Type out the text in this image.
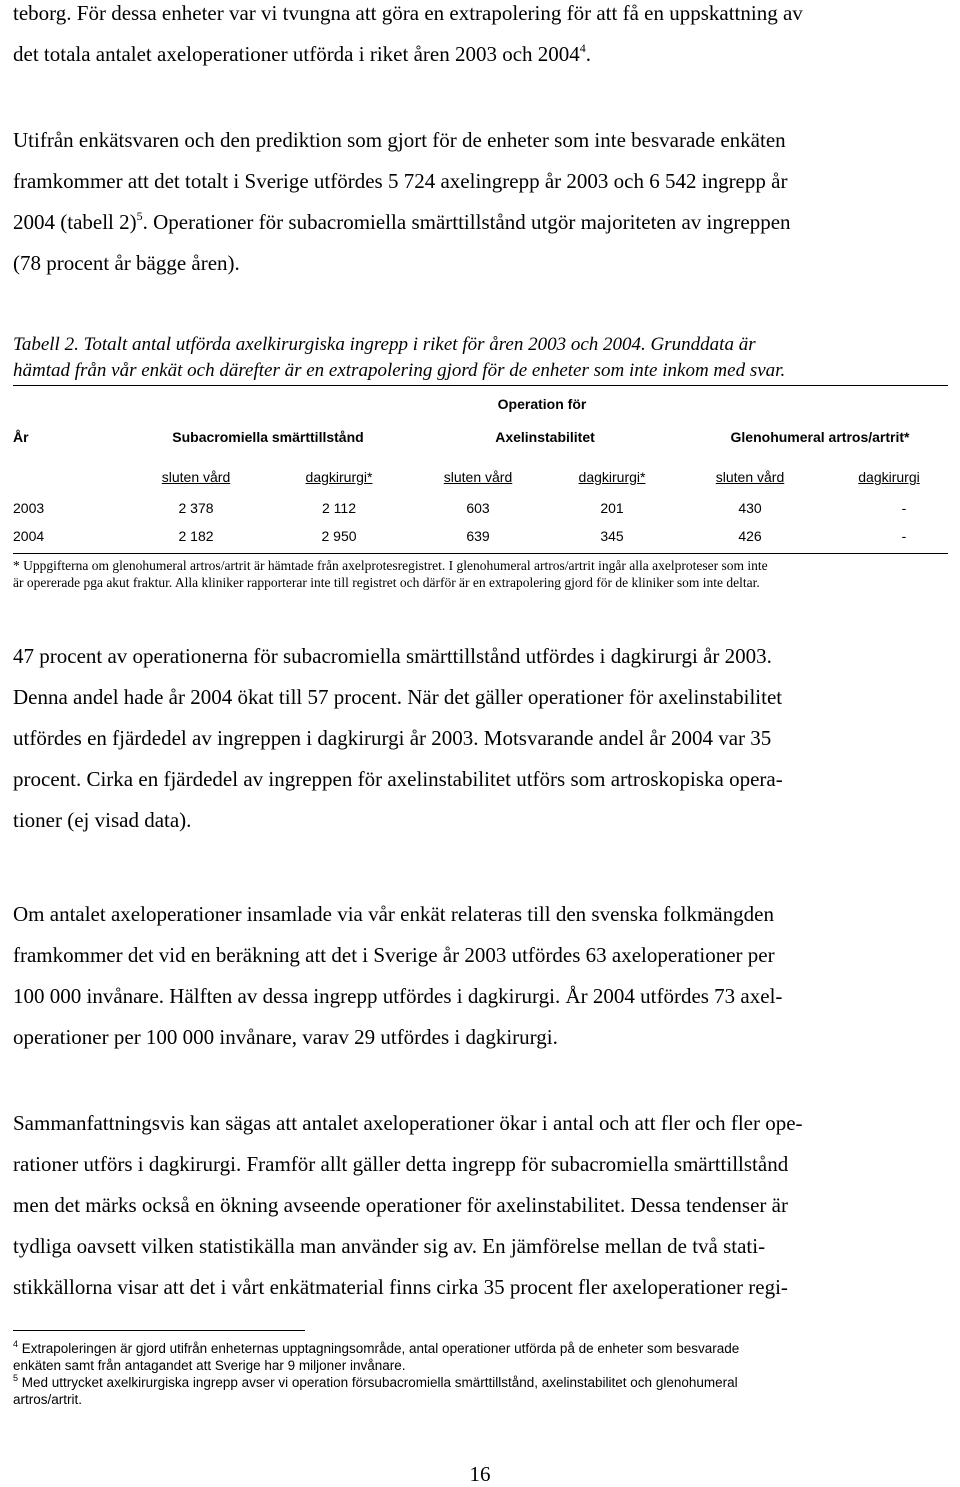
teborg. För dessa enheter var vi tvungna att göra en extrapolering för att få en uppskattning av

det totala antalet axeloperationer utförda i riket åren 2003 och 2004$^4$.

Utifrån enkätsvaren och den prediktion som gjort för de enheter som inte besvarade enkäten

framkommer att det totalt i Sverige utfördes 5 724 axelingrepp år 2003 och 6 542 ingrepp år

2004 (tabell 2)$^5$. Operationer för subacromiella smärttillstånd utgör majoriteten av ingreppen

(78 procent år bägge åren).

Tabell 2. Totalt antal utförda axelkirurgiska ingrepp i riket för åren 2003 och 2004. Grunddata är

hämtad från vår enkät och därefter är en extrapolering gjord för de enheter som inte inkom med svar.

Operation för
År	Subacromiella smärttillstånd	Axelinstabilitet	Glenohumeral artros/artrit*
sluten vård	dagkirurgi*	sluten vård	dagkirurgi*	sluten vård	dagkirurgi
2003	2 378	2 112	603	201	430	-
2004	2 182	2 950	639	345	426	-

* Uppgifterna om glenohumeral artros/artrit är hämtade från axelprotesregistret. I glenohumeral artros/artrit ingår alla axelproteser som inte

är opererade pga akut fraktur. Alla kliniker rapporterar inte till registret och därför är en extrapolering gjord för de kliniker som inte deltar.

47 procent av operationerna för subacromiella smärttillstånd utfördes i dagkirurgi år 2003.

Denna andel hade år 2004 ökat till 57 procent. När det gäller operationer för axelinstabilitet

utfördes en fjärdedel av ingreppen i dagkirurgi år 2003. Motsvarande andel år 2004 var 35

procent. Cirka en fjärdedel av ingreppen för axelinstabilitet utförs som artroskopiska opera-

tioner (ej visad data).

Om antalet axeloperationer insamlade via vår enkät relateras till den svenska folkmängden

framkommer det vid en beräkning att det i Sverige år 2003 utfördes 63 axeloperationer per

100 000 invånare. Hälften av dessa ingrepp utfördes i dagkirurgi. År 2004 utfördes 73 axel-

operationer per 100 000 invånare, varav 29 utfördes i dagkirurgi.

Sammanfattningsvis kan sägas att antalet axeloperationer ökar i antal och att fler och fler ope-

rationer utförs i dagkirurgi. Framför allt gäller detta ingrepp för subacromiella smärttillstånd

men det märks också en ökning avseende operationer för axelinstabilitet. Dessa tendenser är

tydliga oavsett vilken statistikälla man använder sig av. En jämförelse mellan de två stati-

stikkällorna visar att det i vårt enkätmaterial finns cirka 35 procent fler axeloperationer regi-

$^4$ Extrapoleringen är gjord utifrån enheternas upptagningsområde, antal operationer utförda på de enheter som besvarade

enkäten samt från antagandet att Sverige har 9 miljoner invånare.

$^5$ Med uttrycket axelkirurgiska ingrepp avser vi operation försubacromiella smärttillstånd, axelinstabilitet och glenohumeral

artros/artrit.

16
